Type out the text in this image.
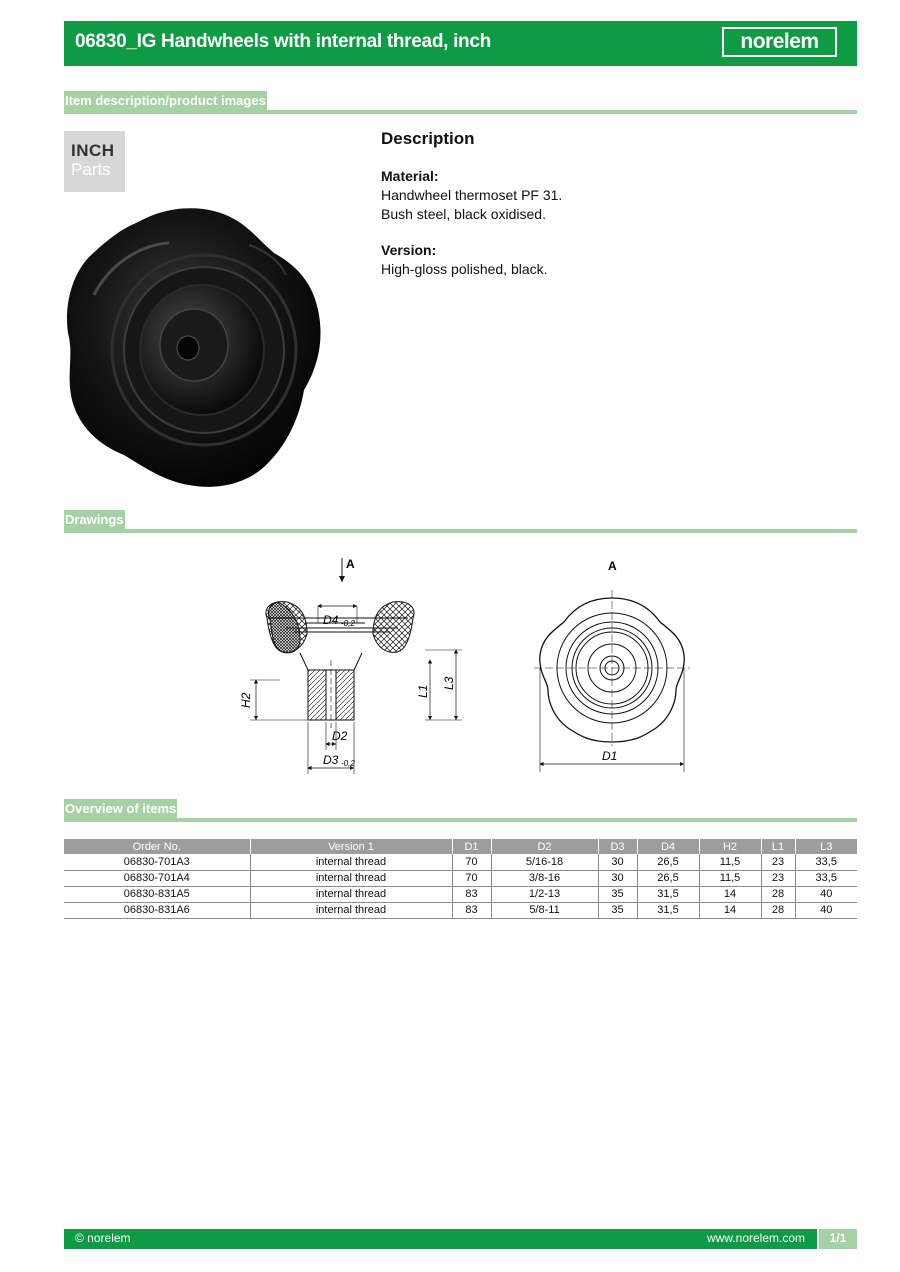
06830_IG Handwheels with internal thread, inch	norelem
Item description/product images
INCH
Parts
Description
Material:
Handwheel thermoset PF 31.
Bush steel, black oxidised.
Version:
High-gloss polished, black.
Drawings
A
D4 -0,2
D2
D3 -0,2
H2
L1
L3
A
D1
Overview of items
Order No.	Version 1	D1	D2	D3	D4	H2	L1	L3
06830-701A3	internal thread	70	5/16-18	30	26,5	11,5	23	33,5
06830-701A4	internal thread	70	3/8-16	30	26,5	11,5	23	33,5
06830-831A5	internal thread	83	1/2-13	35	31,5	14	28	40
06830-831A6	internal thread	83	5/8-11	35	31,5	14	28	40
© norelem	www.norelem.com	1/1
